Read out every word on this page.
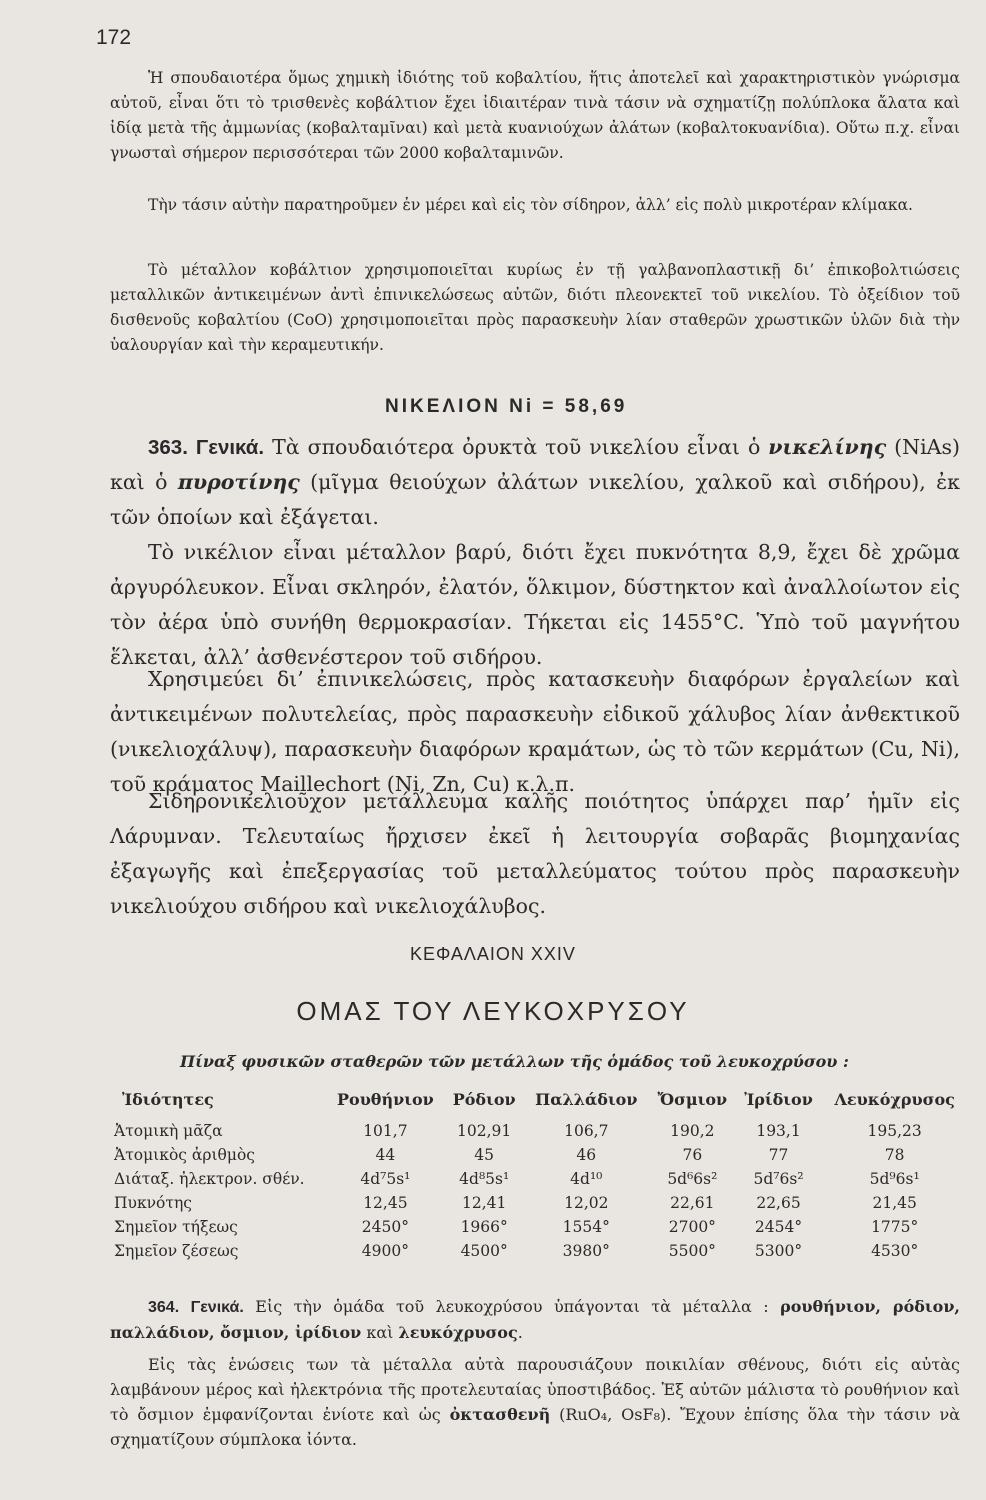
172

Ἡ σπουδαιοτέρα ὅμως χημικὴ ἰδιότης τοῦ κοβαλτίου, ἥτις ἀποτελεῖ καὶ χαρακτηριστικὸν γνώρισμα αὐτοῦ, εἶναι ὅτι τὸ τρισθενὲς κοβάλτιον ἔχει ἰδιαιτέραν τινὰ τάσιν νὰ σχηματίζῃ πολύπλοκα ἄλατα καὶ ἰδίᾳ μετὰ τῆς ἀμμωνίας (κοβαλταμῖναι) καὶ μετὰ κυανιούχων ἀλάτων (κοβαλτοκυανίδια). Οὕτω π.χ. εἶναι γνωσταὶ σήμερον περισσότεραι τῶν 2000 κοβαλταμινῶν.

Τὴν τάσιν αὐτὴν παρατηροῦμεν ἐν μέρει καὶ εἰς τὸν σίδηρον, ἀλλ’ εἰς πολὺ μικροτέραν κλίμακα.

Τὸ μέταλλον κοβάλτιον χρησιμοποιεῖται κυρίως ἐν τῇ γαλβανοπλαστικῇ δι’ ἐπικοβολτιώσεις μεταλλικῶν ἀντικειμένων ἀντὶ ἐπινικελώσεως αὐτῶν, διότι πλεονεκτεῖ τοῦ νικελίου. Τὸ ὀξείδιον τοῦ δισθενοῦς κοβαλτίου (CoO) χρησιμοποιεῖται πρὸς παρασκευὴν λίαν σταθερῶν χρωστικῶν ὑλῶν διὰ τὴν ὑαλουργίαν καὶ τὴν κεραμευτικήν.

ΝΙΚΕΛΙΟΝ Ni = 58,69

363. Γενικά. Τὰ σπουδαιότερα ὀρυκτὰ τοῦ νικελίου εἶναι ὁ νικελίνης (NiAs) καὶ ὁ πυροτίνης (μῖγμα θειούχων ἀλάτων νικελίου, χαλκοῦ καὶ σιδήρου), ἐκ τῶν ὁποίων καὶ ἐξάγεται.

Τὸ νικέλιον εἶναι μέταλλον βαρύ, διότι ἔχει πυκνότητα 8,9, ἔχει δὲ χρῶμα ἀργυρόλευκον. Εἶναι σκληρόν, ἐλατόν, ὅλκιμον, δύστηκτον καὶ ἀναλλοίωτον εἰς τὸν ἀέρα ὑπὸ συνήθη θερμοκρασίαν. Τήκεται εἰς 1455°C. Ὑπὸ τοῦ μαγνήτου ἕλκεται, ἀλλ’ ἀσθενέστερον τοῦ σιδήρου.

Χρησιμεύει δι’ ἐπινικελώσεις, πρὸς κατασκευὴν διαφόρων ἐργαλείων καὶ ἀντικειμένων πολυτελείας, πρὸς παρασκευὴν εἰδικοῦ χάλυβος λίαν ἀνθεκτικοῦ (νικελιοχάλυψ), παρασκευὴν διαφόρων κραμάτων, ὡς τὸ τῶν κερμάτων (Cu, Ni), τοῦ κράματος Maillechort (Ni, Zn, Cu) κ.λ.π.

Σιδηρονικελιοῦχον μετάλλευμα καλῆς ποιότητος ὑπάρχει παρ’ ἡμῖν εἰς Λάρυμναν. Τελευταίως ἤρχισεν ἐκεῖ ἡ λειτουργία σοβαρᾶς βιομηχανίας ἐξαγωγῆς καὶ ἐπεξεργασίας τοῦ μεταλλεύματος τούτου πρὸς παρασκευὴν νικελιούχου σιδήρου καὶ νικελιοχάλυβος.

ΚΕΦΑΛΑΙΟΝ XXIV
ΟΜΑΣ ΤΟΥ ΛΕΥΚΟΧΡΥΣΟΥ
Πίναξ φυσικῶν σταθερῶν τῶν μετάλλων τῆς ὁμάδος τοῦ λευκοχρύσου :
Ἰδιότητες	Ρουθήνιον	Ρόδιον	Παλλάδιον	Ὄσμιον	Ἰρίδιον	Λευκόχρυσος
Ἀτομικὴ μᾶζα	101,7	102,91	106,7	190,2	193,1	195,23
Ἀτομικὸς ἀριθμὸς	44	45	46	76	77	78
Διάταξ. ἠλεκτρον. σθέν.	4d⁷5s¹	4d⁸5s¹	4d¹⁰	5d⁶6s²	5d⁷6s²	5d⁹6s¹
Πυκνότης	12,45	12,41	12,02	22,61	22,65	21,45
Σημεῖον τήξεως	2450°	1966°	1554°	2700°	2454°	1775°
Σημεῖον ζέσεως	4900°	4500°	3980°	5500°	5300°	4530°

364. Γενικά. Εἰς τὴν ὁμάδα τοῦ λευκοχρύσου ὑπάγονται τὰ μέταλλα : ρουθήνιον, ρόδιον, παλλάδιον, ὄσμιον, ἰρίδιον καὶ λευκόχρυσος.

Εἰς τὰς ἑνώσεις των τὰ μέταλλα αὐτὰ παρουσιάζουν ποικιλίαν σθένους, διότι εἰς αὐτὰς λαμβάνουν μέρος καὶ ἠλεκτρόνια τῆς προτελευταίας ὑποστιβάδος. Ἐξ αὐτῶν μάλιστα τὸ ρουθήνιον καὶ τὸ ὄσμιον ἐμφανίζονται ἐνίοτε καὶ ὡς ὀκτασθενῆ (RuO₄, OsF₈). Ἔχουν ἐπίσης ὅλα τὴν τάσιν νὰ σχηματίζουν σύμπλοκα ἰόντα.
